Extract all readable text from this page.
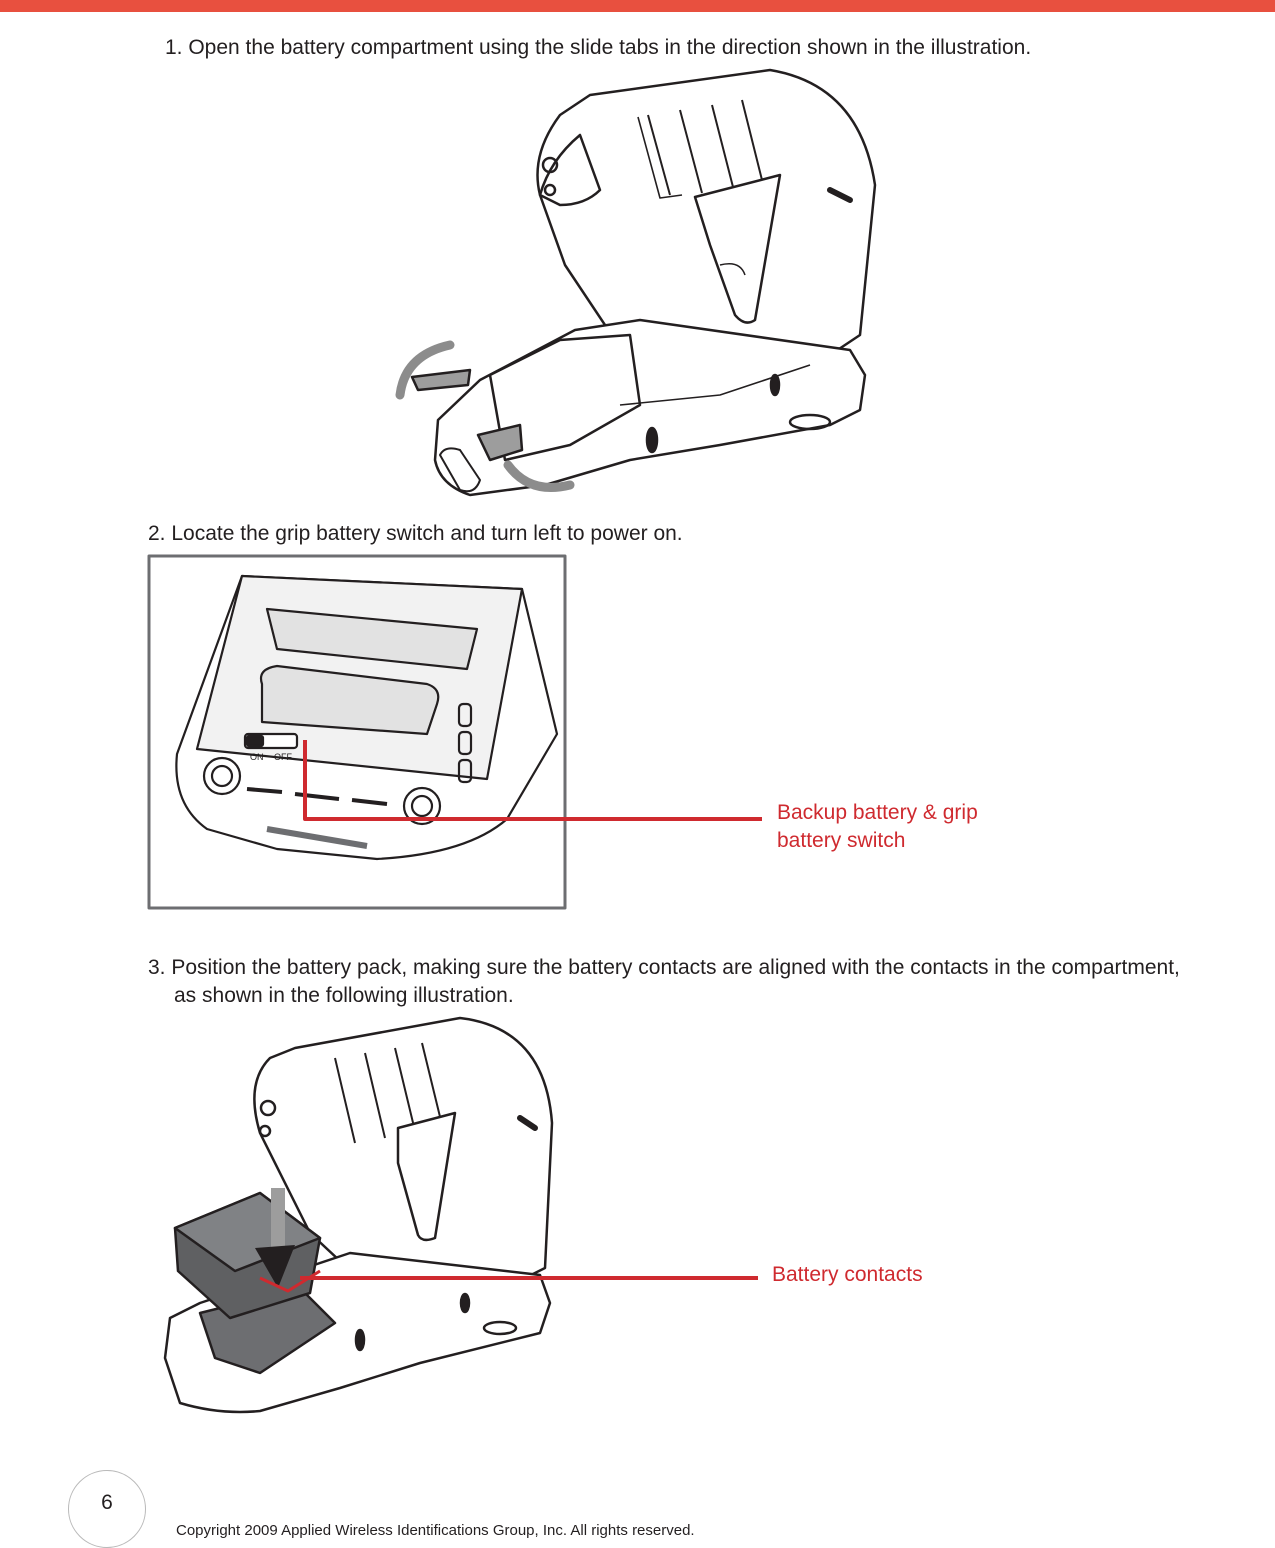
1. Open the battery compartment using the slide tabs in the direction shown in the illustration.

2. Locate the grip battery switch and turn left to power on.

ON OFF
Backup battery & grip battery switch

3. Position the battery pack, making sure the battery contacts are aligned with the contacts in the compartment, as shown in the following illustration.

Battery contacts
6
Copyright 2009 Applied Wireless Identifications Group, Inc. All rights reserved.
